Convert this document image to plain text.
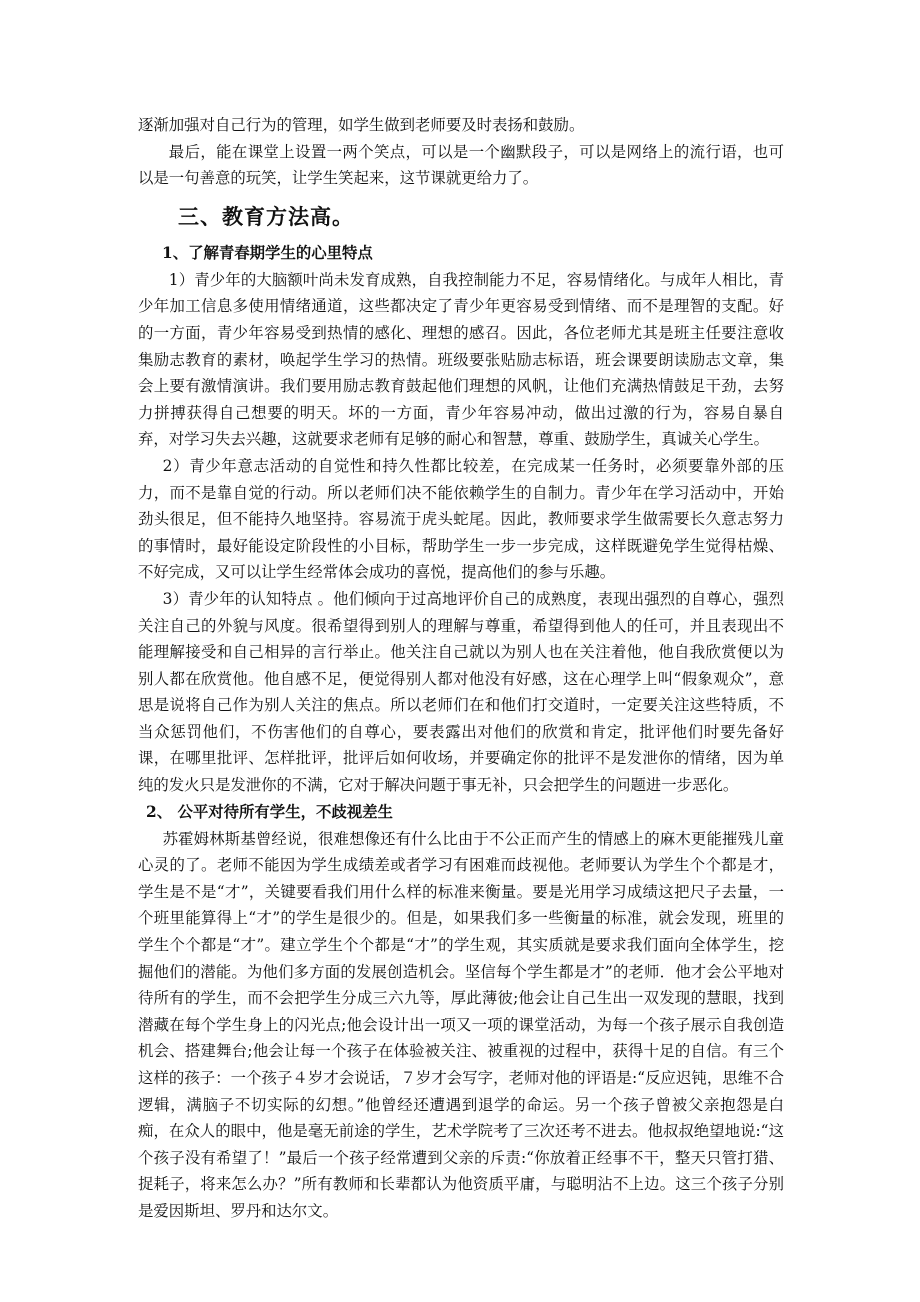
逐渐加强对自己行为的管理，如学生做到老师要及时表扬和鼓励。

最后，能在课堂上设置一两个笑点，可以是一个幽默段子，可以是网络上的流行语，也可以是一句善意的玩笑，让学生笑起来，这节课就更给力了。

三、教育方法高。
1、了解青春期学生的心里特点

1）青少年的大脑额叶尚未发育成熟，自我控制能力不足，容易情绪化。与成年人相比，青少年加工信息多使用情绪通道，这些都决定了青少年更容易受到情绪、而不是理智的支配。好的一方面，青少年容易受到热情的感化、理想的感召。因此，各位老师尤其是班主任要注意收集励志教育的素材，唤起学生学习的热情。班级要张贴励志标语，班会课要朗读励志文章，集会上要有激情演讲。我们要用励志教育鼓起他们理想的风帆，让他们充满热情鼓足干劲，去努力拼搏获得自己想要的明天。坏的一方面，青少年容易冲动，做出过激的行为，容易自暴自弃，对学习失去兴趣，这就要求老师有足够的耐心和智慧，尊重、鼓励学生，真诚关心学生。

2）青少年意志活动的自觉性和持久性都比较差，在完成某一任务时，必须要靠外部的压力，而不是靠自觉的行动。所以老师们决不能依赖学生的自制力。青少年在学习活动中，开始劲头很足，但不能持久地坚持。容易流于虎头蛇尾。因此，教师要求学生做需要长久意志努力的事情时，最好能设定阶段性的小目标，帮助学生一步一步完成，这样既避免学生觉得枯燥、不好完成，又可以让学生经常体会成功的喜悦，提高他们的参与乐趣。

3）青少年的认知特点 。他们倾向于过高地评价自己的成熟度，表现出强烈的自尊心，强烈关注自己的外貌与风度。很希望得到别人的理解与尊重，希望得到他人的任可，并且表现出不能理解接受和自己相异的言行举止。他关注自己就以为别人也在关注着他，他自我欣赏便以为别人都在欣赏他。他自感不足，便觉得别人都对他没有好感，这在心理学上叫“假象观众”，意思是说将自己作为别人关注的焦点。所以老师们在和他们打交道时，一定要关注这些特质，不当众惩罚他们，不伤害他们的自尊心，要表露出对他们的欣赏和肯定，批评他们时要先备好课，在哪里批评、怎样批评，批评后如何收场，并要确定你的批评不是发泄你的情绪，因为单纯的发火只是发泄你的不满，它对于解决问题于事无补，只会把学生的问题进一步恶化。

2、 公平对待所有学生，不歧视差生

苏霍姆林斯基曾经说，很难想像还有什么比由于不公正而产生的情感上的麻木更能摧残儿童心灵的了。老师不能因为学生成绩差或者学习有困难而歧视他。老师要认为学生个个都是才，学生是不是“才”，关键要看我们用什么样的标准来衡量。要是光用学习成绩这把尺子去量，一个班里能算得上“才”的学生是很少的。但是，如果我们多一些衡量的标准，就会发现，班里的学生个个都是“才”。建立学生个个都是“才”的学生观，其实质就是要求我们面向全体学生，挖掘他们的潜能。为他们多方面的发展创造机会。坚信每个学生都是才”的老师．他才会公平地对待所有的学生，而不会把学生分成三六九等，厚此薄彼;他会让自己生出一双发现的慧眼，找到潜藏在每个学生身上的闪光点;他会设计出一项又一项的课堂活动，为每一个孩子展示自我创造机会、搭建舞台;他会让每一个孩子在体验被关注、被重视的过程中，获得十足的自信。有三个这样的孩子：一个孩子４岁才会说话，７岁才会写字，老师对他的评语是:“反应迟钝，思维不合逻辑，满脑子不切实际的幻想。”他曾经还遭遇到退学的命运。另一个孩子曾被父亲抱怨是白痴，在众人的眼中，他是毫无前途的学生，艺术学院考了三次还考不进去。他叔叔绝望地说:“这个孩子没有希望了！”最后一个孩子经常遭到父亲的斥责:“你放着正经事不干，整天只管打猎、捉耗子，将来怎么办？”所有教师和长辈都认为他资质平庸，与聪明沾不上边。这三个孩子分别是爱因斯坦、罗丹和达尔文。
